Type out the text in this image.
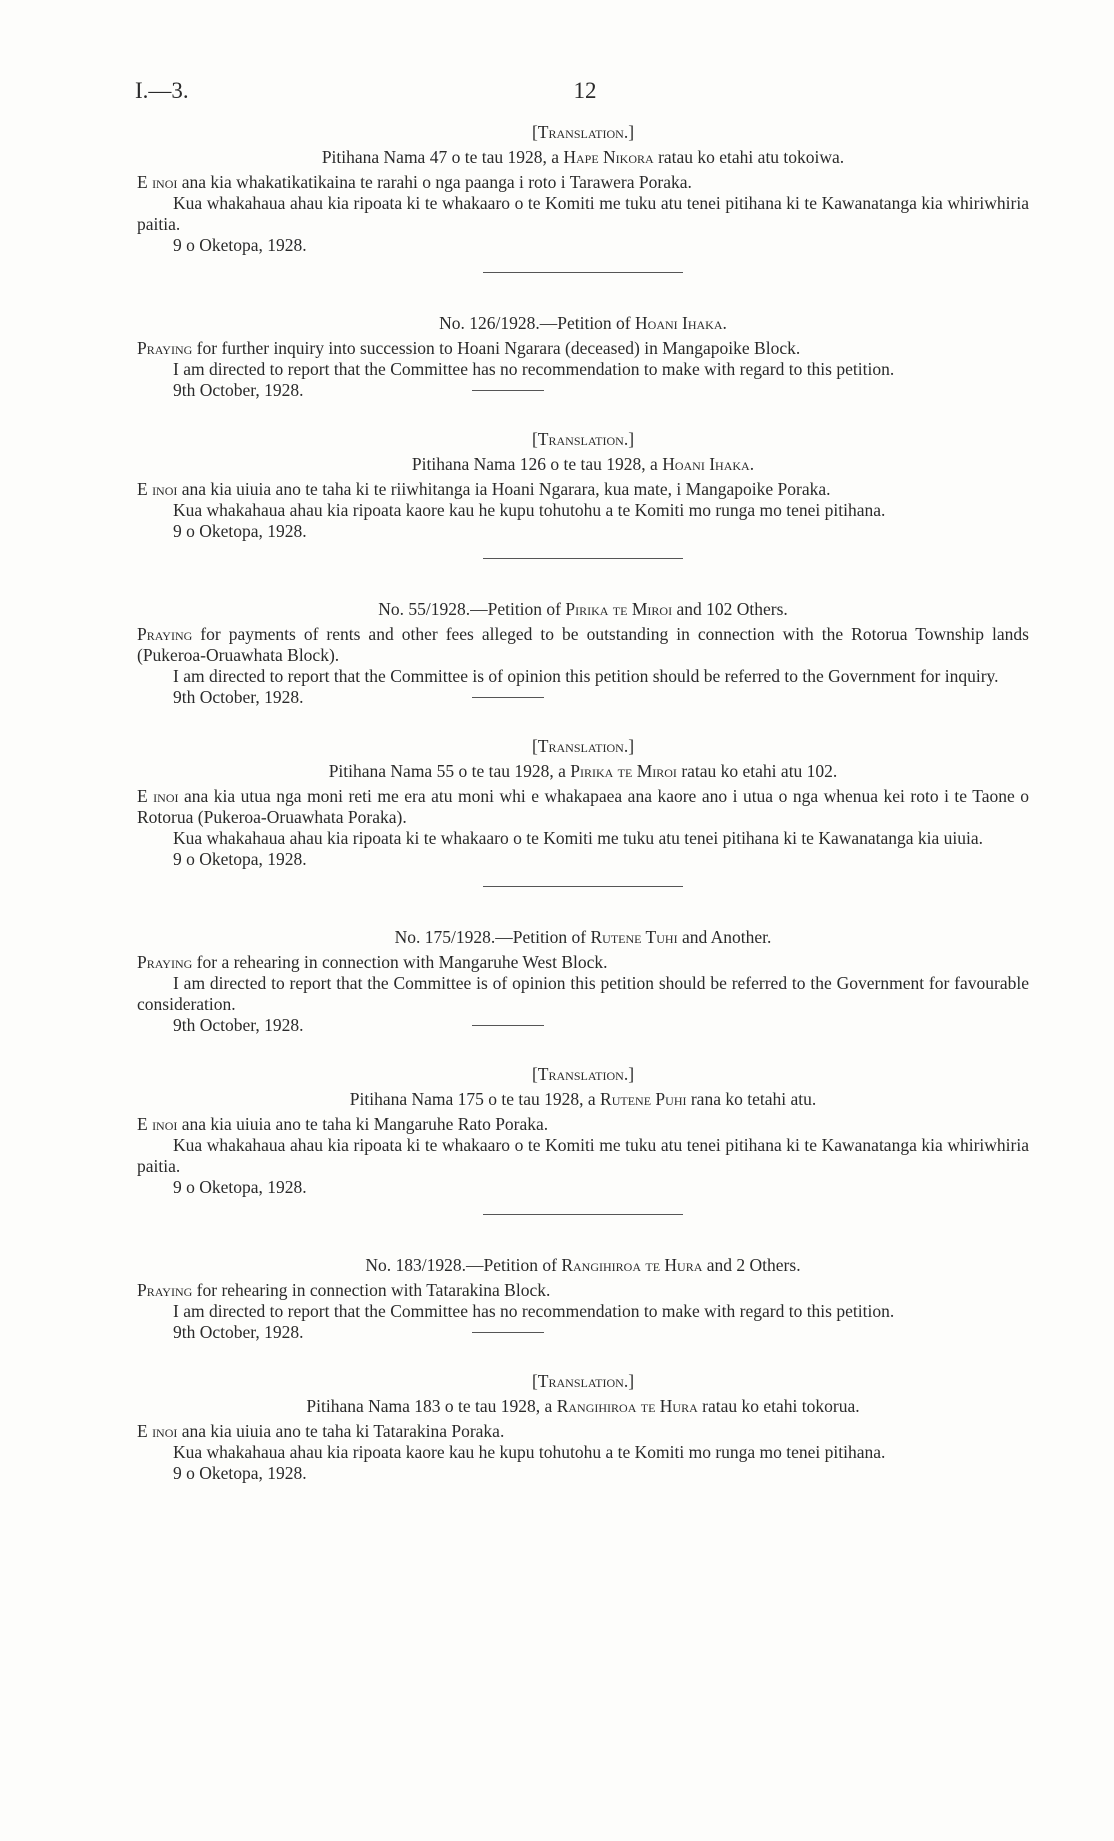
I.—3.	12

[Translation.]

Pitihana Nama 47 o te tau 1928, a Hape Nikora ratau ko etahi atu tokoiwa.

E inoi ana kia whakatikatikaina te rarahi o nga paanga i roto i Tarawera Poraka.

Kua whakahaua ahau kia ripoata ki te whakaaro o te Komiti me tuku atu tenei pitihana ki te Kawanatanga kia whiriwhiria paitia.

9 o Oketopa, 1928.

No. 126/1928.—Petition of Hoani Ihaka.

Praying for further inquiry into succession to Hoani Ngarara (deceased) in Mangapoike Block.

I am directed to report that the Committee has no recommendation to make with regard to this petition.

9th October, 1928.

[Translation.]

Pitihana Nama 126 o te tau 1928, a Hoani Ihaka.

E inoi ana kia uiuia ano te taha ki te riiwhitanga ia Hoani Ngarara, kua mate, i Mangapoike Poraka.

Kua whakahaua ahau kia ripoata kaore kau he kupu tohutohu a te Komiti mo runga mo tenei pitihana.

9 o Oketopa, 1928.

No. 55/1928.—Petition of Pirika te Miroi and 102 Others.

Praying for payments of rents and other fees alleged to be outstanding in connection with the Rotorua Township lands (Pukeroa-Oruawhata Block).

I am directed to report that the Committee is of opinion this petition should be referred to the Government for inquiry.

9th October, 1928.

[Translation.]

Pitihana Nama 55 o te tau 1928, a Pirika te Miroi ratau ko etahi atu 102.

E inoi ana kia utua nga moni reti me era atu moni whi e whakapaea ana kaore ano i utua o nga whenua kei roto i te Taone o Rotorua (Pukeroa-Oruawhata Poraka).

Kua whakahaua ahau kia ripoata ki te whakaaro o te Komiti me tuku atu tenei pitihana ki te Kawanatanga kia uiuia.

9 o Oketopa, 1928.

No. 175/1928.—Petition of Rutene Tuhi and Another.

Praying for a rehearing in connection with Mangaruhe West Block.

I am directed to report that the Committee is of opinion this petition should be referred to the Government for favourable consideration.

9th October, 1928.

[Translation.]

Pitihana Nama 175 o te tau 1928, a Rutene Puhi rana ko tetahi atu.

E inoi ana kia uiuia ano te taha ki Mangaruhe Rato Poraka.

Kua whakahaua ahau kia ripoata ki te whakaaro o te Komiti me tuku atu tenei pitihana ki te Kawanatanga kia whiriwhiria paitia.

9 o Oketopa, 1928.

No. 183/1928.—Petition of Rangihiroa te Hura and 2 Others.

Praying for rehearing in connection with Tatarakina Block.

I am directed to report that the Committee has no recommendation to make with regard to this petition.

9th October, 1928.

[Translation.]

Pitihana Nama 183 o te tau 1928, a Rangihiroa te Hura ratau ko etahi tokorua.

E inoi ana kia uiuia ano te taha ki Tatarakina Poraka.

Kua whakahaua ahau kia ripoata kaore kau he kupu tohutohu a te Komiti mo runga mo tenei pitihana.

9 o Oketopa, 1928.
